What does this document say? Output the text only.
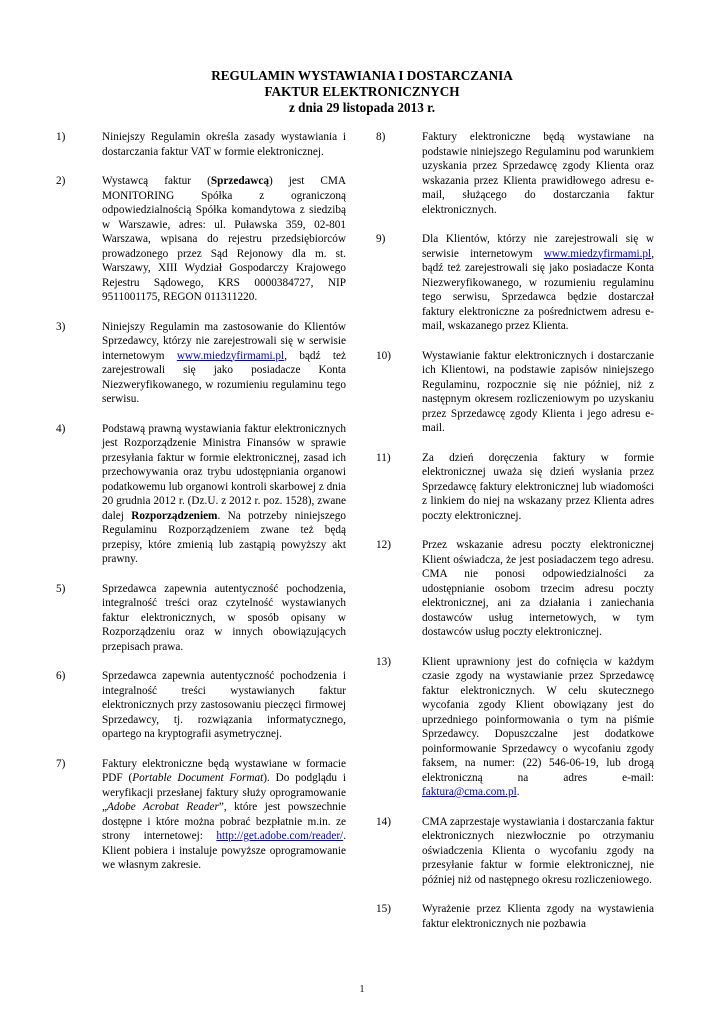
REGULAMIN WYSTAWIANIA I DOSTARCZANIA
FAKTUR ELEKTRONICZNYCH
z dnia 29 listopada 2013 r.
1)	Niniejszy Regulamin określa zasady wystawiania i dostarczania faktur VAT w formie elektronicznej.

2)	Wystawcą faktur (Sprzedawcą) jest CMA MONITORING Spółka z ograniczoną odpowiedzialnością Spółka komandytowa z siedzibą w Warszawie, adres: ul. Puławska 359, 02-801 Warszawa, wpisana do rejestru przedsiębiorców prowadzonego przez Sąd Rejonowy dla m. st. Warszawy, XIII Wydział Gospodarczy Krajowego Rejestru Sądowego, KRS 0000384727, NIP 9511001175, REGON 011311220.

3)	Niniejszy Regulamin ma zastosowanie do Klientów Sprzedawcy, którzy nie zarejestrowali się w serwisie internetowym www.miedzyfirmami.pl, bądź też zarejestrowali się jako posiadacze Konta Niezweryfikowanego, w rozumieniu regulaminu tego serwisu.

4)	Podstawą prawną wystawiania faktur elektronicznych jest Rozporządzenie Ministra Finansów w sprawie przesyłania faktur w formie elektronicznej, zasad ich przechowywania oraz trybu udostępniania organowi podatkowemu lub organowi kontroli skarbowej z dnia 20 grudnia 2012 r. (Dz.U. z 2012 r. poz. 1528), zwane dalej Rozporządzeniem. Na potrzeby niniejszego Regulaminu Rozporządzeniem zwane też będą przepisy, które zmienią lub zastąpią powyższy akt prawny.

5)	Sprzedawca zapewnia autentyczność pochodzenia, integralność treści oraz czytelność wystawianych faktur elektronicznych, w sposób opisany w Rozporządzeniu oraz w innych obowiązujących przepisach prawa.

6)	Sprzedawca zapewnia autentyczność pochodzenia i integralność treści wystawianych faktur elektronicznych przy zastosowaniu pieczęci firmowej Sprzedawcy, tj. rozwiązania informatycznego, opartego na kryptografii asymetrycznej.

7)	Faktury elektroniczne będą wystawiane w formacie PDF (Portable Document Format). Do podglądu i weryfikacji przesłanej faktury służy oprogramowanie „Adobe Acrobat Reader”, które jest powszechnie dostępne i które można pobrać bezpłatnie m.in. ze strony internetowej: http://get.adobe.com/reader/. Klient pobiera i instaluje powyższe oprogramowanie we własnym zakresie.

8)	Faktury elektroniczne będą wystawiane na podstawie niniejszego Regulaminu pod warunkiem uzyskania przez Sprzedawcę zgody Klienta oraz wskazania przez Klienta prawidłowego adresu e-mail, służącego do dostarczania faktur elektronicznych.

9)	Dla Klientów, którzy nie zarejestrowali się w serwisie internetowym www.miedzyfirmami.pl, bądź też zarejestrowali się jako posiadacze Konta Niezweryfikowanego, w rozumieniu regulaminu tego serwisu, Sprzedawca będzie dostarczał faktury elektroniczne za pośrednictwem adresu e-mail, wskazanego przez Klienta.

10)	Wystawianie faktur elektronicznych i dostarczanie ich Klientowi, na podstawie zapisów niniejszego Regulaminu, rozpocznie się nie później, niż z następnym okresem rozliczeniowym po uzyskaniu przez Sprzedawcę zgody Klienta i jego adresu e-mail.

11)	Za dzień doręczenia faktury w formie elektronicznej uważa się dzień wysłania przez Sprzedawcę faktury elektronicznej lub wiadomości z linkiem do niej na wskazany przez Klienta adres poczty elektronicznej.

12)	Przez wskazanie adresu poczty elektronicznej Klient oświadcza, że jest posiadaczem tego adresu. CMA nie ponosi odpowiedzialności za udostępnianie osobom trzecim adresu poczty elektronicznej, ani za działania i zaniechania dostawców usług internetowych, w tym dostawców usług poczty elektronicznej.

13)	Klient uprawniony jest do cofnięcia w każdym czasie zgody na wystawianie przez Sprzedawcę faktur elektronicznych. W celu skutecznego wycofania zgody Klient obowiązany jest do uprzedniego poinformowania o tym na piśmie Sprzedawcy. Dopuszczalne jest dodatkowe poinformowanie Sprzedawcy o wycofaniu zgody faksem, na numer: (22) 546-06-19, lub drogą elektroniczną na adres e-mail: faktura@cma.com.pl.

14)	CMA zaprzestaje wystawiania i dostarczania faktur elektronicznych niezwłocznie po otrzymaniu oświadczenia Klienta o wycofaniu zgody na przesyłanie faktur w formie elektronicznej, nie później niż od następnego okresu rozliczeniowego.

15)	Wyrażenie przez Klienta zgody na wystawienia faktur elektronicznych nie pozbawia

1
